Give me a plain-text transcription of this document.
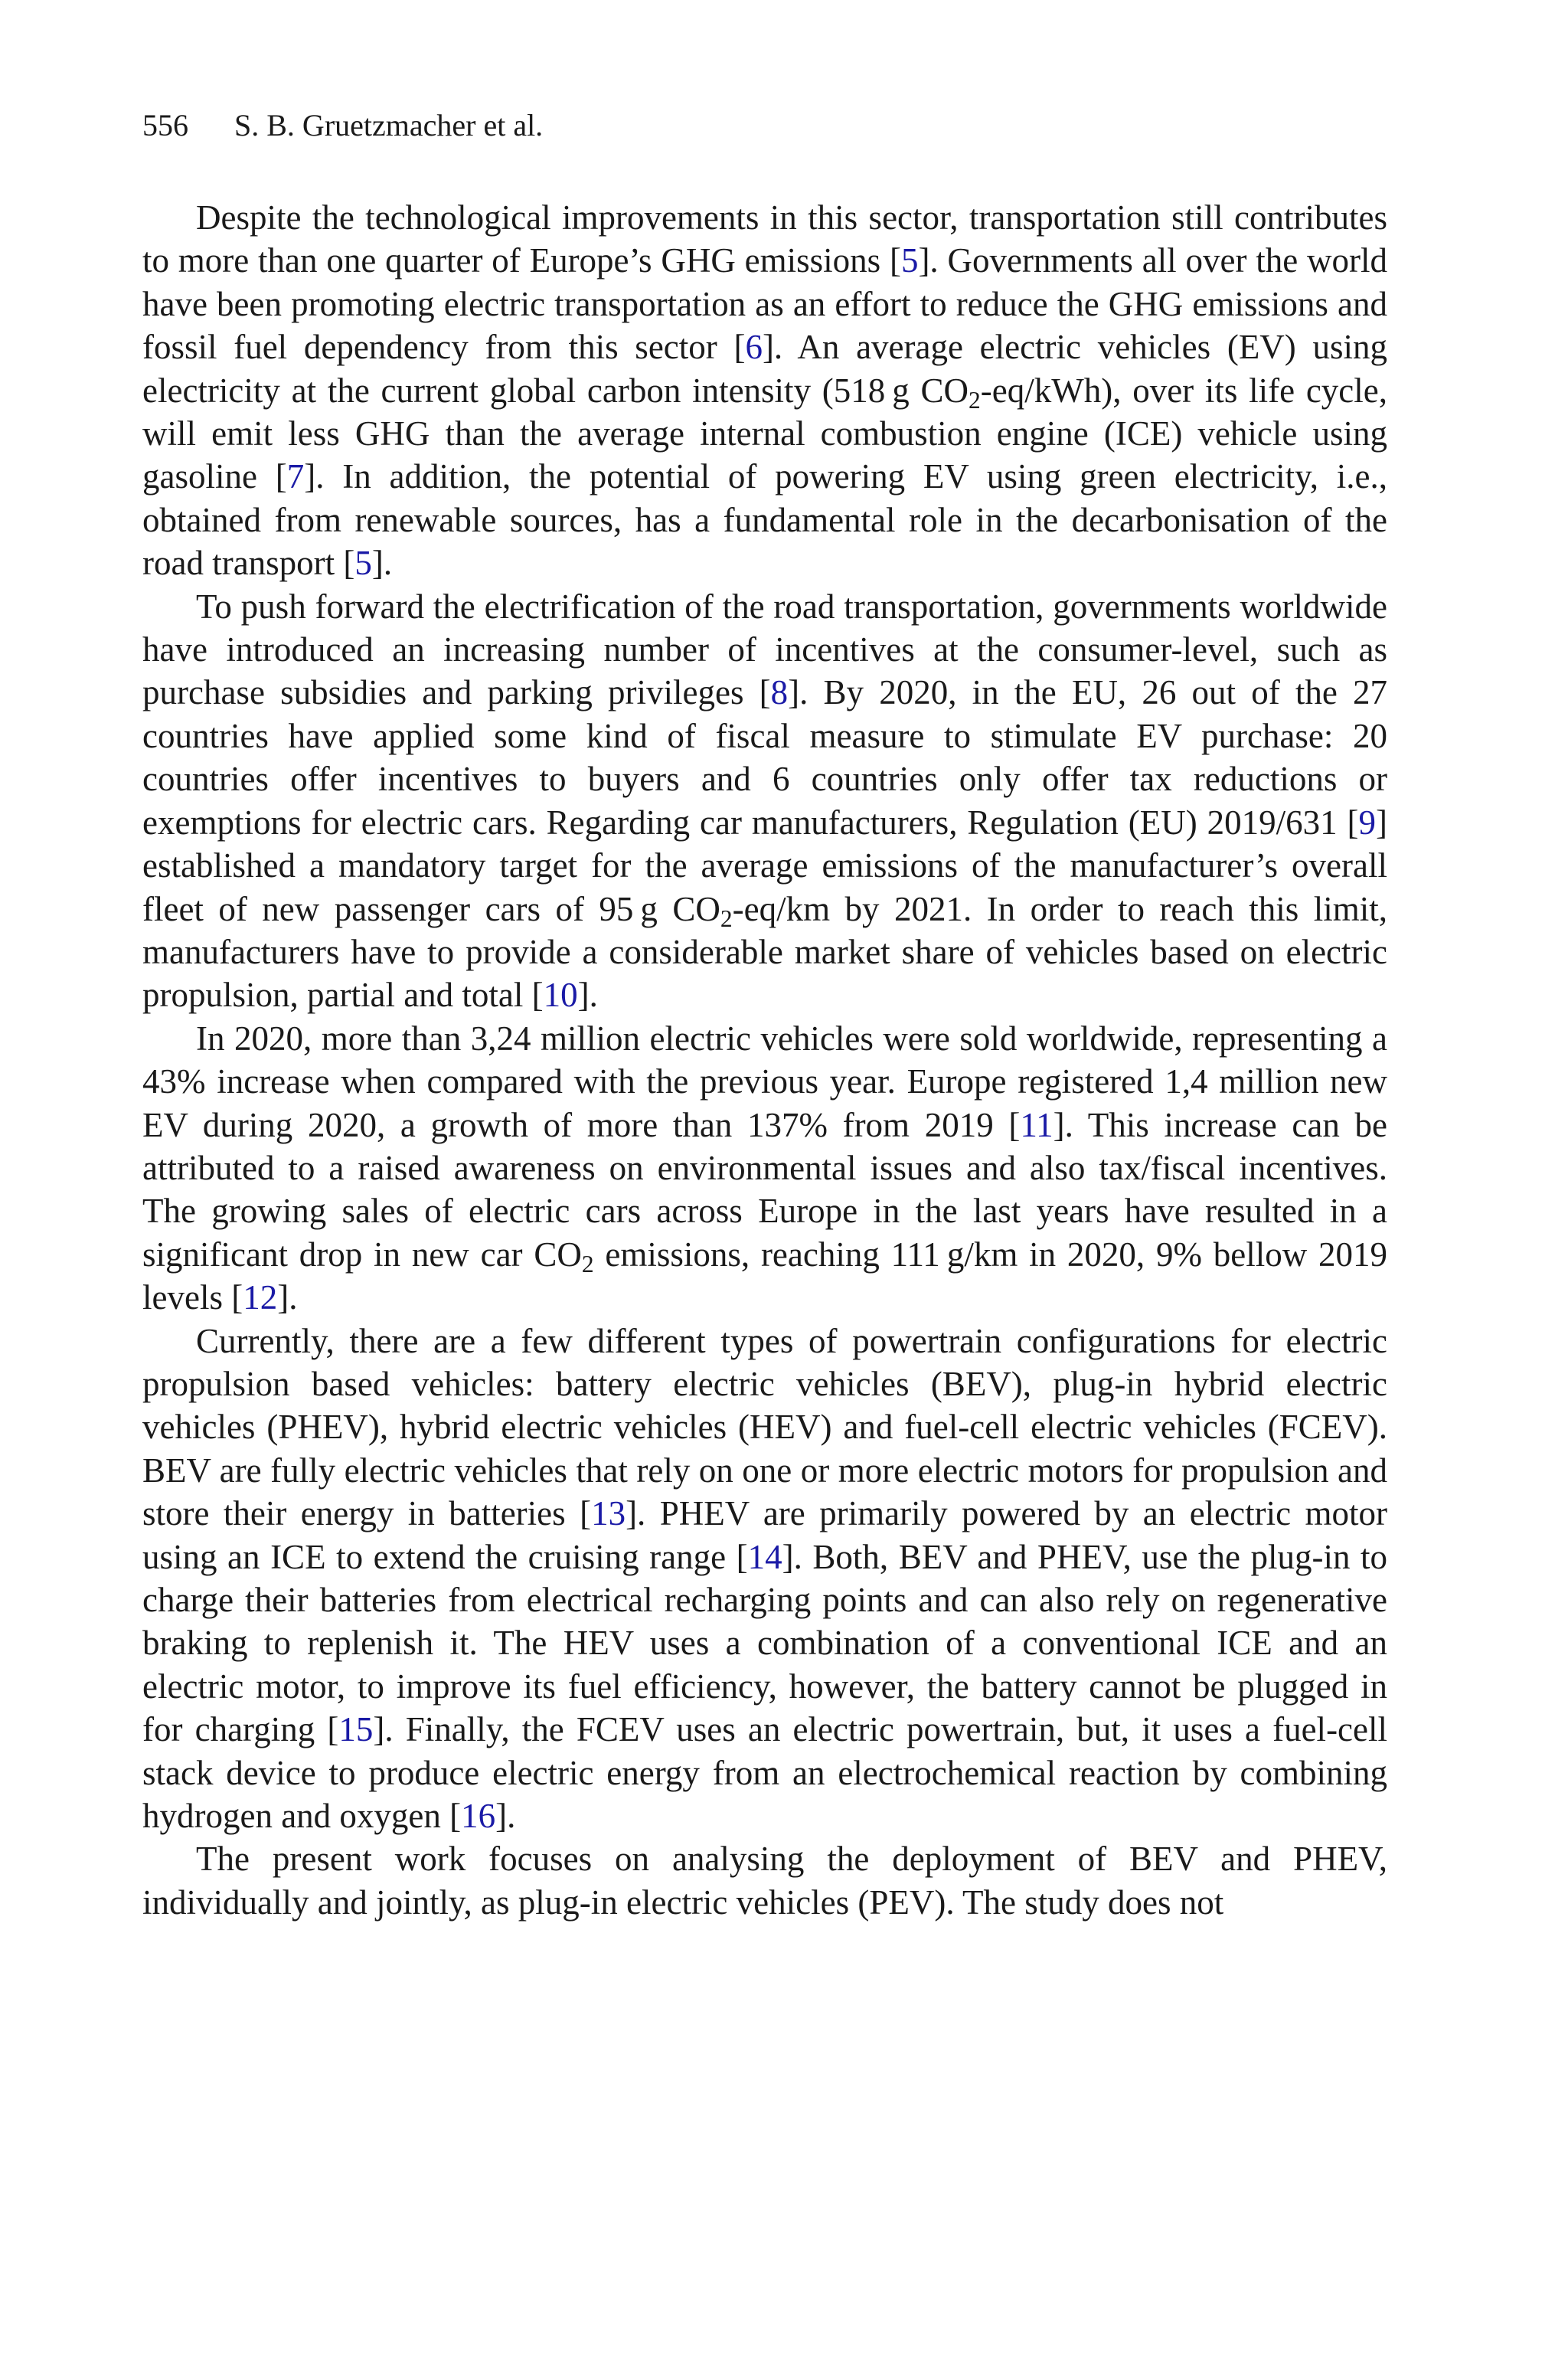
556 S. B. Gruetzmacher et al.

Despite the technological improvements in this sector, transportation still contributes to more than one quarter of Europe’s GHG emissions [5]. Governments all over the world have been promoting electric transportation as an effort to reduce the GHG emissions and fossil fuel dependency from this sector [6]. An average electric vehicles (EV) using electricity at the current global carbon intensity (518 g $CO_2-eq/kWh$), over its life cycle, will emit less GHG than the average internal combustion engine (ICE) vehicle using gasoline [7]. In addition, the potential of powering EV using green electricity, i.e., obtained from renewable sources, has a fundamental role in the decarbonisation of the road transport [5].

To push forward the electrification of the road transportation, governments worldwide have introduced an increasing number of incentives at the consumer-level, such as purchase subsidies and parking privileges [8]. By 2020, in the EU, 26 out of the 27 countries have applied some kind of fiscal measure to stimulate EV purchase: 20 countries offer incentives to buyers and 6 countries only offer tax reductions or exemptions for electric cars. Regarding car manufacturers, Regulation (EU) 2019/631 [9] established a mandatory target for the average emissions of the manufacturer’s overall fleet of new passenger cars of 95 g $CO_2-eq/km$ by 2021. In order to reach this limit, manufacturers have to provide a considerable market share of vehicles based on electric propulsion, partial and total [10].

In 2020, more than 3,24 million electric vehicles were sold worldwide, representing a 43% increase when compared with the previous year. Europe registered 1,4 million new EV during 2020, a growth of more than 137% from 2019 [11]. This increase can be attributed to a raised awareness on environmental issues and also tax/fiscal incentives. The growing sales of electric cars across Europe in the last years have resulted in a significant drop in new car $CO_2$ emissions, reaching 111 g/km in 2020, 9% bellow 2019 levels [12].

Currently, there are a few different types of powertrain configurations for electric propulsion based vehicles: battery electric vehicles (BEV), plug-in hybrid electric vehicles (PHEV), hybrid electric vehicles (HEV) and fuel-cell electric vehicles (FCEV). BEV are fully electric vehicles that rely on one or more electric motors for propulsion and store their energy in batteries [13]. PHEV are primarily powered by an electric motor using an ICE to extend the cruising range [14]. Both, BEV and PHEV, use the plug-in to charge their batteries from electrical recharging points and can also rely on regenerative braking to replenish it. The HEV uses a combination of a conventional ICE and an electric motor, to improve its fuel efficiency, however, the battery cannot be plugged in for charging [15]. Finally, the FCEV uses an electric powertrain, but, it uses a fuel-cell stack device to produce electric energy from an electrochemical reaction by combining hydrogen and oxygen [16].

The present work focuses on analysing the deployment of BEV and PHEV, individually and jointly, as plug-in electric vehicles (PEV). The study does not
